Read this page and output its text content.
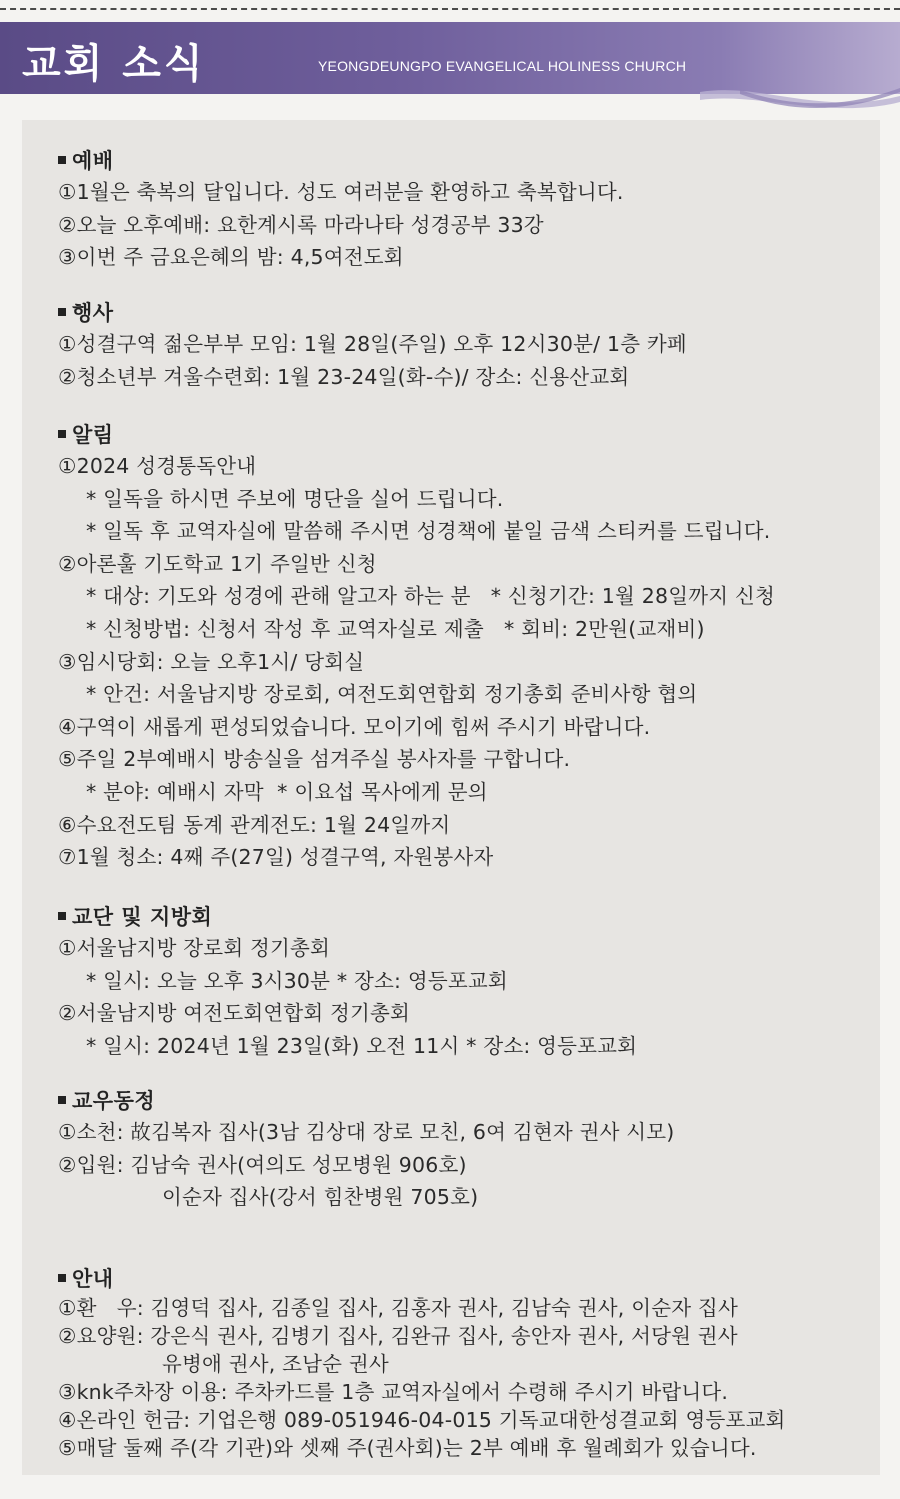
교회 소식	YEONGDEUNGPO EVANGELICAL HOLINESS CHURCH
예배
①1월은 축복의 달입니다. 성도 여러분을 환영하고 축복합니다.
②오늘 오후예배: 요한계시록 마라나타 성경공부 33강
③이번 주 금요은혜의 밤: 4,5여전도회
행사
①성결구역 젊은부부 모임: 1월 28일(주일) 오후 12시30분/ 1층 카페
②청소년부 겨울수련회: 1월 23-24일(화-수)/ 장소: 신용산교회
알림
①2024 성경통독안내
* 일독을 하시면 주보에 명단을 실어 드립니다.
* 일독 후 교역자실에 말씀해 주시면 성경책에 붙일 금색 스티커를 드립니다.
②아론훌 기도학교 1기 주일반 신청
* 대상: 기도와 성경에 관해 알고자 하는 분   * 신청기간: 1월 28일까지 신청
* 신청방법: 신청서 작성 후 교역자실로 제출   * 회비: 2만원(교재비)
③임시당회: 오늘 오후1시/ 당회실
* 안건: 서울남지방 장로회, 여전도회연합회 정기총회 준비사항 협의
④구역이 새롭게 편성되었습니다. 모이기에 힘써 주시기 바랍니다.
⑤주일 2부예배시 방송실을 섬겨주실 봉사자를 구합니다.
* 분야: 예배시 자막  * 이요섭 목사에게 문의
⑥수요전도팀 동계 관계전도: 1월 24일까지
⑦1월 청소: 4째 주(27일) 성결구역, 자원봉사자
교단 및 지방회
①서울남지방 장로회 정기총회
* 일시: 오늘 오후 3시30분 * 장소: 영등포교회
②서울남지방 여전도회연합회 정기총회
* 일시: 2024년 1월 23일(화) 오전 11시 * 장소: 영등포교회
교우동정
①소천: 故김복자 집사(3남 김상대 장로 모친, 6여 김현자 권사 시모)
②입원: 김남숙 권사(여의도 성모병원 906호)
이순자 집사(강서 힘찬병원 705호)
안내
①환   우: 김영덕 집사, 김종일 집사, 김홍자 권사, 김남숙 권사, 이순자 집사
②요양원: 강은식 권사, 김병기 집사, 김완규 집사, 송안자 권사, 서당원 권사
유병애 권사, 조남순 권사
③knk주차장 이용: 주차카드를 1층 교역자실에서 수령해 주시기 바랍니다.
④온라인 헌금: 기업은행 089-051946-04-015 기독교대한성결교회 영등포교회
⑤매달 둘째 주(각 기관)와 셋째 주(권사회)는 2부 예배 후 월례회가 있습니다.
